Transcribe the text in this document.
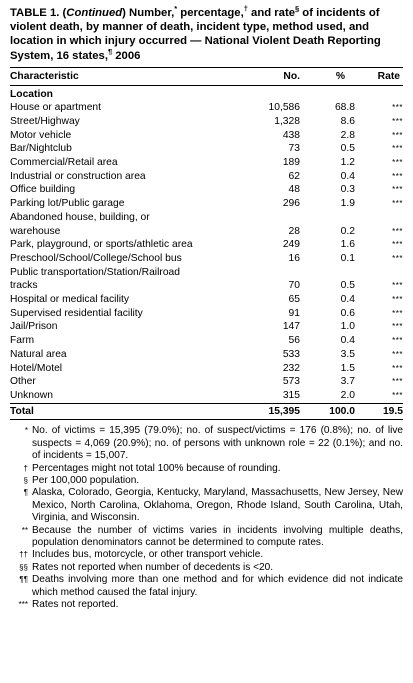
TABLE 1. (Continued) Number,* percentage,† and rate§ of incidents of violent death, by manner of death, incident type, method used, and location in which injury occurred — National Violent Death Reporting System, 16 states,¶ 2006
Characteristic	No.	%	Rate
Location			
House or apartment	10,586	68.8	***
Street/Highway	1,328	8.6	***
Motor vehicle	438	2.8	***
Bar/Nightclub	73	0.5	***
Commercial/Retail area	189	1.2	***
Industrial or construction area	62	0.4	***
Office building	48	0.3	***
Parking lot/Public garage	296	1.9	***
Abandoned house, building, or			
warehouse	28	0.2	***
Park, playground, or sports/athletic area	249	1.6	***
Preschool/School/College/School bus	16	0.1	***
Public transportation/Station/Railroad			
tracks	70	0.5	***
Hospital or medical facility	65	0.4	***
Supervised residential facility	91	0.6	***
Jail/Prison	147	1.0	***
Farm	56	0.4	***
Natural area	533	3.5	***
Hotel/Motel	232	1.5	***
Other	573	3.7	***
Unknown	315	2.0	***
Total	15,395	100.0	19.5
* No. of victims = 15,395 (79.0%); no. of suspect/victims = 176 (0.8%); no. of live suspects = 4,069 (20.9%); no. of persons with unknown role = 22 (0.1%); and no. of incidents = 15,007.
† Percentages might not total 100% because of rounding.
§ Per 100,000 population.
¶ Alaska, Colorado, Georgia, Kentucky, Maryland, Massachusetts, New Jersey, New Mexico, North Carolina, Oklahoma, Oregon, Rhode Island, South Carolina, Utah, Virginia, and Wisconsin.
** Because the number of victims varies in incidents involving multiple deaths, population denominators cannot be determined to compute rates.
†† Includes bus, motorcycle, or other transport vehicle.
§§ Rates not reported when number of decedents is <20.
¶¶ Deaths involving more than one method and for which evidence did not indicate which method caused the fatal injury.
*** Rates not reported.
